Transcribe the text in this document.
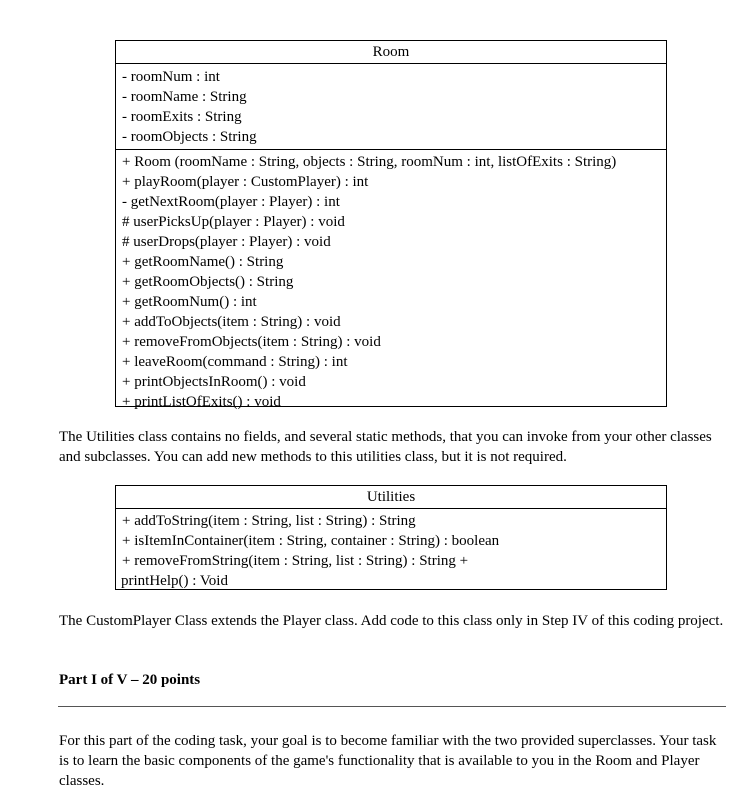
Room
- roomNum : int
- roomName : String
- roomExits : String
- roomObjects : String
+ Room (roomName : String, objects : String, roomNum : int, listOfExits : String)
+ playRoom(player : CustomPlayer) : int
- getNextRoom(player : Player) : int
# userPicksUp(player : Player) : void
# userDrops(player : Player) : void
+ getRoomName() : String
+ getRoomObjects() : String
+ getRoomNum() : int
+ addToObjects(item : String) : void
+ removeFromObjects(item : String) : void
+ leaveRoom(command : String) : int
+ printObjectsInRoom() : void
+ printListOfExits() : void
The Utilities class contains no fields, and several static methods, that you can invoke from your other classes and subclasses. You can add new methods to this utilities class, but it is not required.
Utilities
+ addToString(item : String, list : String) : String
+ isItemInContainer(item : String, container : String) : boolean
+ removeFromString(item : String, list : String) : String +
printHelp() : Void
The CustomPlayer Class extends the Player class. Add code to this class only in Step IV of this coding project.
Part I of V – 20 points
For this part of the coding task, your goal is to become familiar with the two provided superclasses. Your task is to learn the basic components of the game's functionality that is available to you in the Room and Player classes.
